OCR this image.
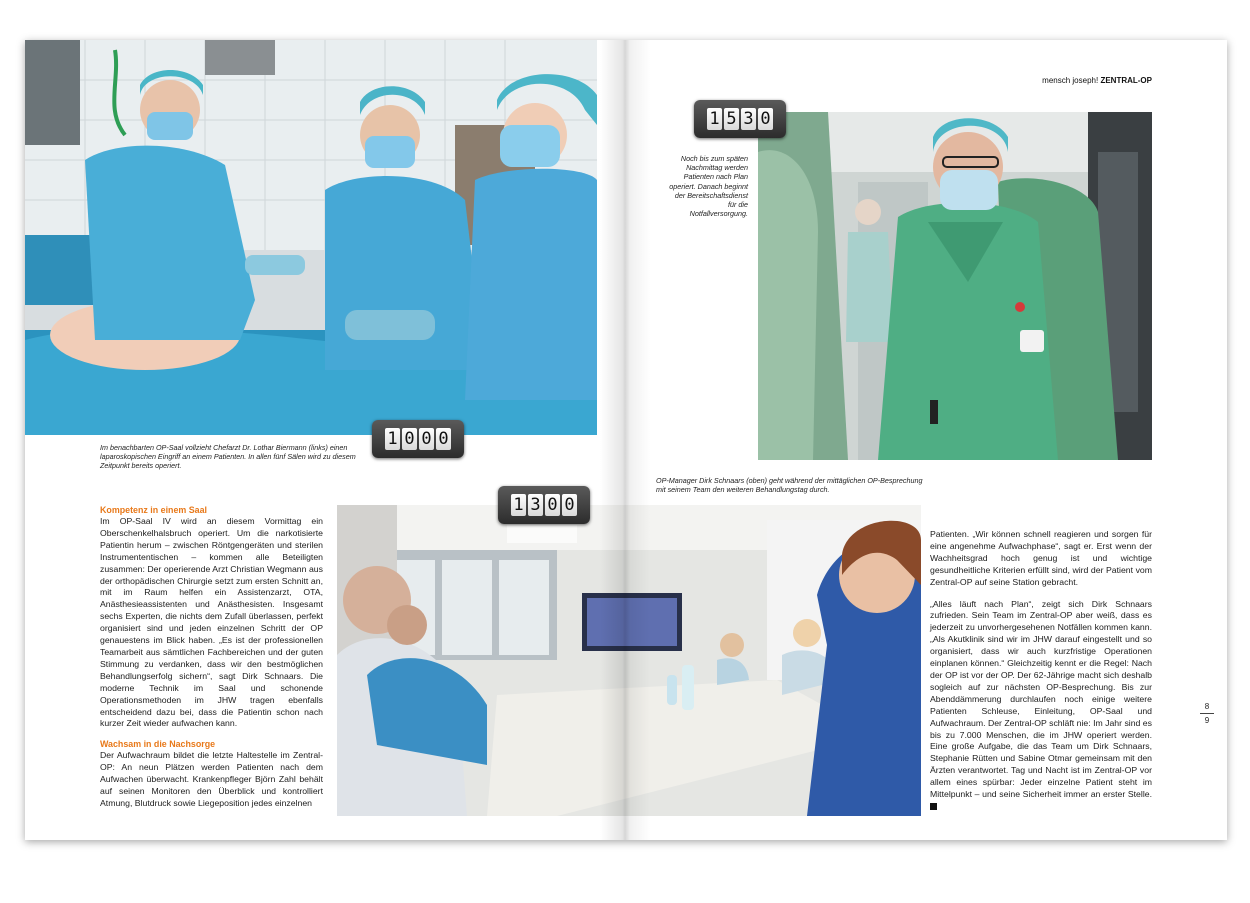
Im benachbarten OP-Saal vollzieht Chefarzt Dr. Lothar Biermann (links) einen laparoskopischen Eingriff an einem Patienten. In allen fünf Sälen wird zu diesem Zeitpunkt bereits operiert.
1 0 0 0
Kompetenz in einem Saal
Im OP-Saal IV wird an diesem Vormittag ein Oberschenkelhalsbruch operiert. Um die narkotisierte Patientin herum – zwischen Röntgengeräten und sterilen Instrumententischen – kommen alle Beteiligten zusammen: Der operierende Arzt Christian Wegmann aus der orthopädischen Chirurgie setzt zum ersten Schnitt an, mit im Raum helfen ein Assistenzarzt, OTA, Anästhesieassistenten und Anästhesisten. Insgesamt sechs Experten, die nichts dem Zufall überlassen, perfekt organisiert sind und jeden einzelnen Schritt der OP genauestens im Blick haben. „Es ist der professionellen Teamarbeit aus sämtlichen Fachbereichen und der guten Stimmung zu verdanken, dass wir den bestmöglichen Behandlungserfolg sichern“, sagt Dirk Schnaars. Die moderne Technik im Saal und schonende Operationsmethoden im JHW tragen ebenfalls entscheidend dazu bei, dass die Patientin schon nach kurzer Zeit wieder aufwachen kann.
Wachsam in die Nachsorge
Der Aufwachraum bildet die letzte Haltestelle im Zentral-OP: An neun Plätzen werden Patienten nach dem Aufwachen überwacht. Krankenpfleger Björn Zahl behält auf seinen Monitoren den Überblick und kontrolliert Atmung, Blutdruck sowie Liegeposition jedes einzelnen
1 3 0 0
mensch joseph! ZENTRAL-OP
1 5 3 0
Noch bis zum späten Nachmittag werden Patienten nach Plan operiert. Danach beginnt der Bereitschaftsdienst für die Notfallversorgung.
OP-Manager Dirk Schnaars (oben) geht während der mittäglichen OP-Besprechung mit seinem Team den weiteren Behandlungstag durch.
Patienten. „Wir können schnell reagieren und sorgen für eine angenehme Aufwachphase“, sagt er. Erst wenn der Wachheitsgrad hoch genug ist und wichtige gesundheitliche Kriterien erfüllt sind, wird der Patient vom Zentral-OP auf seine Station gebracht.
„Alles läuft nach Plan“, zeigt sich Dirk Schnaars zufrieden. Sein Team im Zentral-OP aber weiß, dass es jederzeit zu unvorhergesehenen Notfällen kommen kann. „Als Akutklinik sind wir im JHW darauf eingestellt und so organisiert, dass wir auch kurzfristige Operationen einplanen können.“ Gleichzeitig kennt er die Regel: Nach der OP ist vor der OP. Der 62-Jährige macht sich deshalb sogleich auf zur nächsten OP-Besprechung. Bis zur Abenddämmerung durchlaufen noch einige weitere Patienten Schleuse, Einleitung, OP-Saal und Aufwachraum. Der Zentral-OP schläft nie: Im Jahr sind es bis zu 7.000 Menschen, die im JHW operiert werden. Eine große Aufgabe, die das Team um Dirk Schnaars, Stephanie Rütten und Sabine Otmar gemeinsam mit den Ärzten verantwortet. Tag und Nacht ist im Zentral-OP vor allem eines spürbar: Jeder einzelne Patient steht im Mittelpunkt – und seine Sicherheit immer an erster Stelle.
8
9
